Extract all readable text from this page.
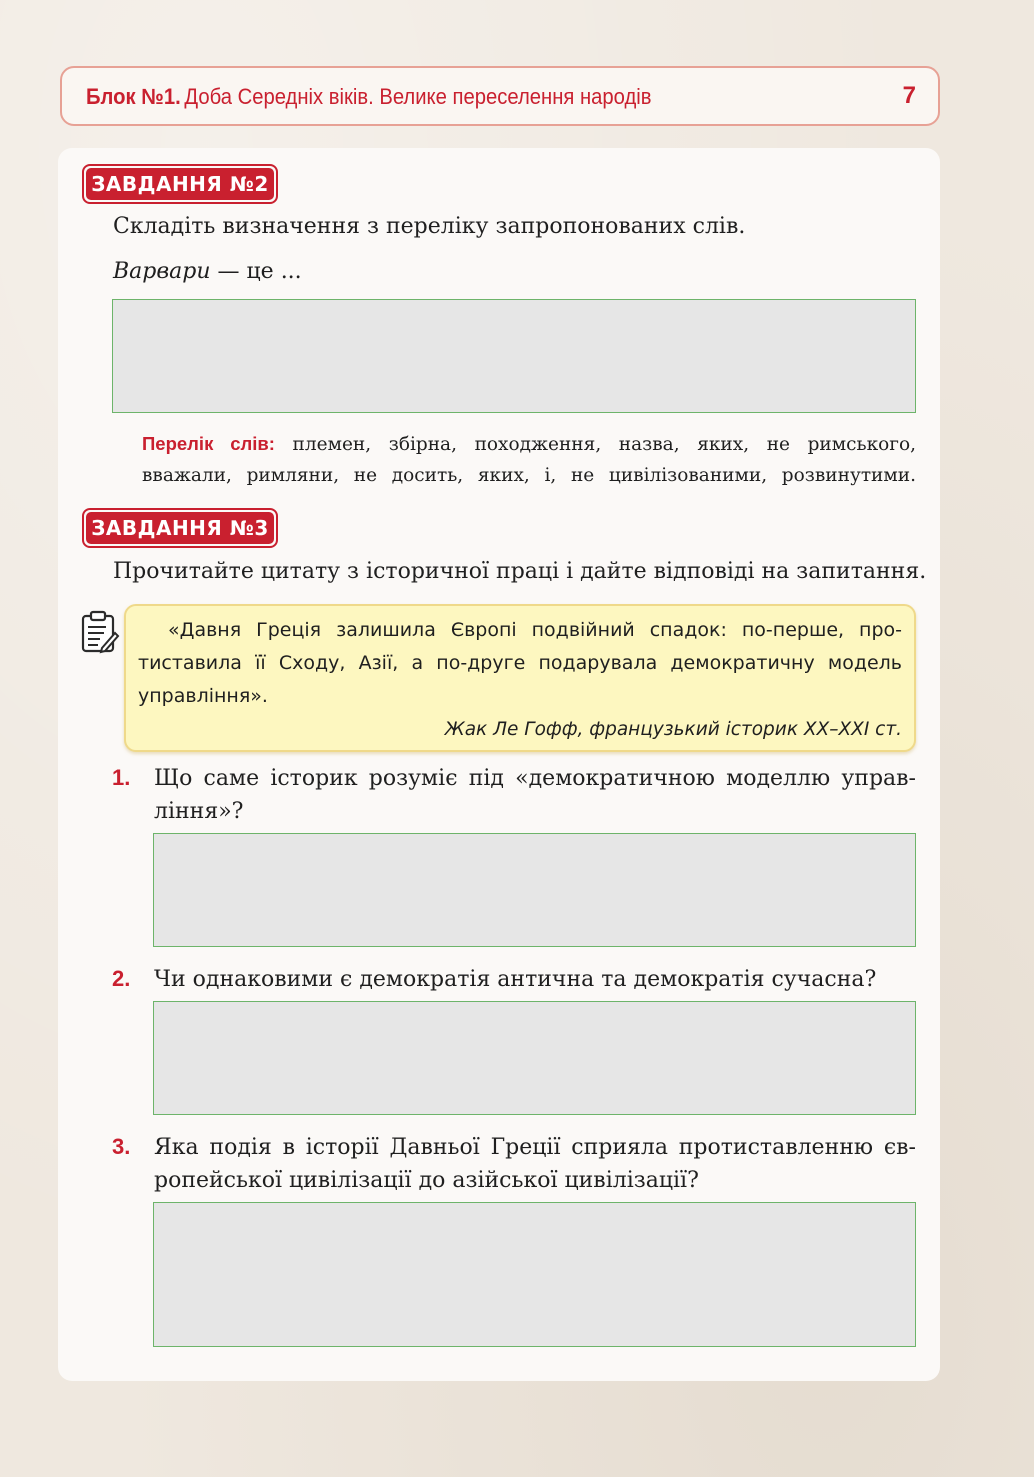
Блок №1. Доба Середніх віків. Велике переселення народів	7
ЗАВДАННЯ №2
Складіть визначення з переліку запропонованих слів.
Варвари — це ...
Перелік слів: племен, збірна, походження, назва, яких, не римського,
вважали, римляни, не досить, яких, і, не цивілізованими, розвинутими.
ЗАВДАННЯ №3
Прочитайте цитату з історичної праці і дайте відповіді на запитання.
«Давня Греція залишила Європі подвійний спадок: по-перше, про-
тиставила її Сходу, Азії, а по-друге подарувала демократичну модель
управління».
Жак Ле Гофф, французький історик XX–XXI ст.
1. Що саме історик розуміє під «демократичною моделлю управ-
ління»?
2. Чи однаковими є демократія антична та демократія сучасна?
3. Яка подія в історії Давньої Греції сприяла протиставленню єв-
ропейської цивілізації до азійської цивілізації?
